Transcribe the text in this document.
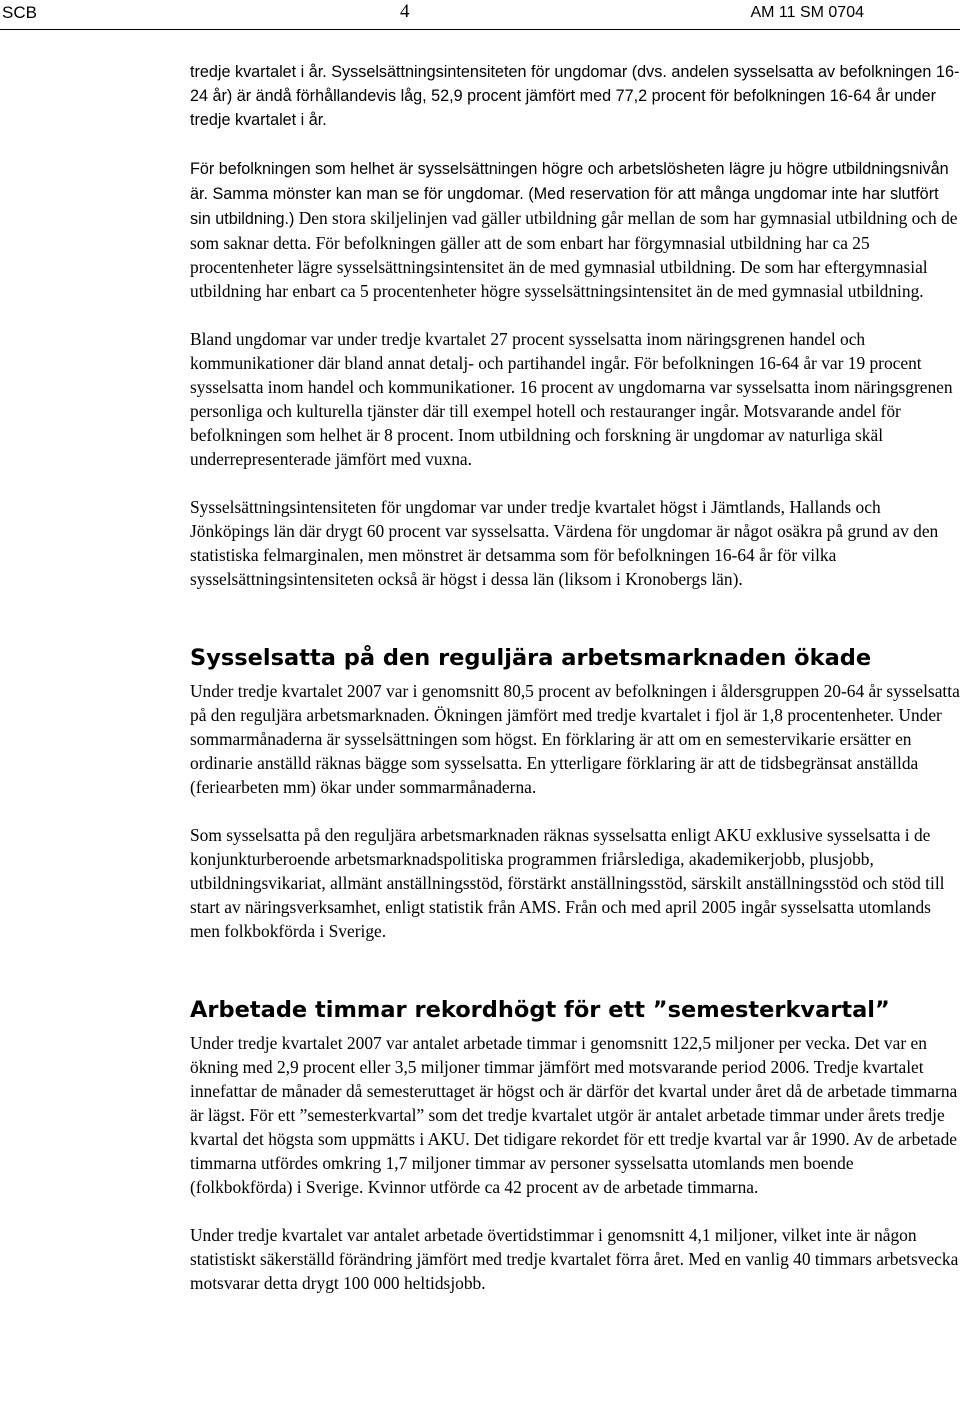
SCB	4	AM 11 SM 0704

tredje kvartalet i år. Sysselsättningsintensiteten för ungdomar (dvs. andelen sysselsatta av befolkningen 16-24 år) är ändå förhållandevis låg, 52,9 procent jämfört med 77,2 procent för befolkningen 16-64 år under tredje kvartalet i år.

För befolkningen som helhet är sysselsättningen högre och arbetslösheten lägre ju högre utbildningsnivån är. Samma mönster kan man se för ungdomar. (Med reservation för att många ungdomar inte har slutfört sin utbildning.) Den stora skiljelinjen vad gäller utbildning går mellan de som har gymnasial utbildning och de som saknar detta. För befolkningen gäller att de som enbart har förgymnasial utbildning har ca 25 procentenheter lägre sysselsättningsintensitet än de med gymnasial utbildning. De som har eftergymnasial utbildning har enbart ca 5 procentenheter högre sysselsättningsintensitet än de med gymnasial utbildning.

Bland ungdomar var under tredje kvartalet 27 procent sysselsatta inom näringsgrenen handel och kommunikationer där bland annat detalj- och partihandel ingår. För befolkningen 16-64 år var 19 procent sysselsatta inom handel och kommunikationer. 16 procent av ungdomarna var sysselsatta inom näringsgrenen personliga och kulturella tjänster där till exempel hotell och restauranger ingår. Motsvarande andel för befolkningen som helhet är 8 procent. Inom utbildning och forskning är ungdomar av naturliga skäl underrepresenterade jämfört med vuxna.

Sysselsättningsintensiteten för ungdomar var under tredje kvartalet högst i Jämtlands, Hallands och Jönköpings län där drygt 60 procent var sysselsatta. Värdena för ungdomar är något osäkra på grund av den statistiska felmarginalen, men mönstret är detsamma som för befolkningen 16-64 år för vilka sysselsättningsintensiteten också är högst i dessa län (liksom i Kronobergs län).

Sysselsatta på den reguljära arbetsmarknaden ökade

Under tredje kvartalet 2007 var i genomsnitt 80,5 procent av befolkningen i åldersgruppen 20-64 år sysselsatta på den reguljära arbetsmarknaden. Ökningen jämfört med tredje kvartalet i fjol är 1,8 procentenheter. Under sommarmånaderna är sysselsättningen som högst. En förklaring är att om en semestervikarie ersätter en ordinarie anställd räknas bägge som sysselsatta. En ytterligare förklaring är att de tidsbegränsat anställda (feriearbeten mm) ökar under sommarmånaderna.

Som sysselsatta på den reguljära arbetsmarknaden räknas sysselsatta enligt AKU exklusive sysselsatta i de konjunkturberoende arbetsmarknadspolitiska programmen friårslediga, akademikerjobb, plusjobb, utbildningsvikariat, allmänt anställningsstöd, förstärkt anställningsstöd, särskilt anställningsstöd och stöd till start av näringsverksamhet, enligt statistik från AMS. Från och med april 2005 ingår sysselsatta utomlands men folkbokförda i Sverige.

Arbetade timmar rekordhögt för ett ”semesterkvartal”

Under tredje kvartalet 2007 var antalet arbetade timmar i genomsnitt 122,5 miljoner per vecka. Det var en ökning med 2,9 procent eller 3,5 miljoner timmar jämfört med motsvarande period 2006. Tredje kvartalet innefattar de månader då semesteruttaget är högst och är därför det kvartal under året då de arbetade timmarna är lägst. För ett ”semesterkvartal” som det tredje kvartalet utgör är antalet arbetade timmar under årets tredje kvartal det högsta som uppmätts i AKU. Det tidigare rekordet för ett tredje kvartal var år 1990. Av de arbetade timmarna utfördes omkring 1,7 miljoner timmar av personer sysselsatta utomlands men boende (folkbokförda) i Sverige. Kvinnor utförde ca 42 procent av de arbetade timmarna.

Under tredje kvartalet var antalet arbetade övertidstimmar i genomsnitt 4,1 miljoner, vilket inte är någon statistiskt säkerställd förändring jämfört med tredje kvartalet förra året. Med en vanlig 40 timmars arbetsvecka motsvarar detta drygt 100 000 heltidsjobb.
